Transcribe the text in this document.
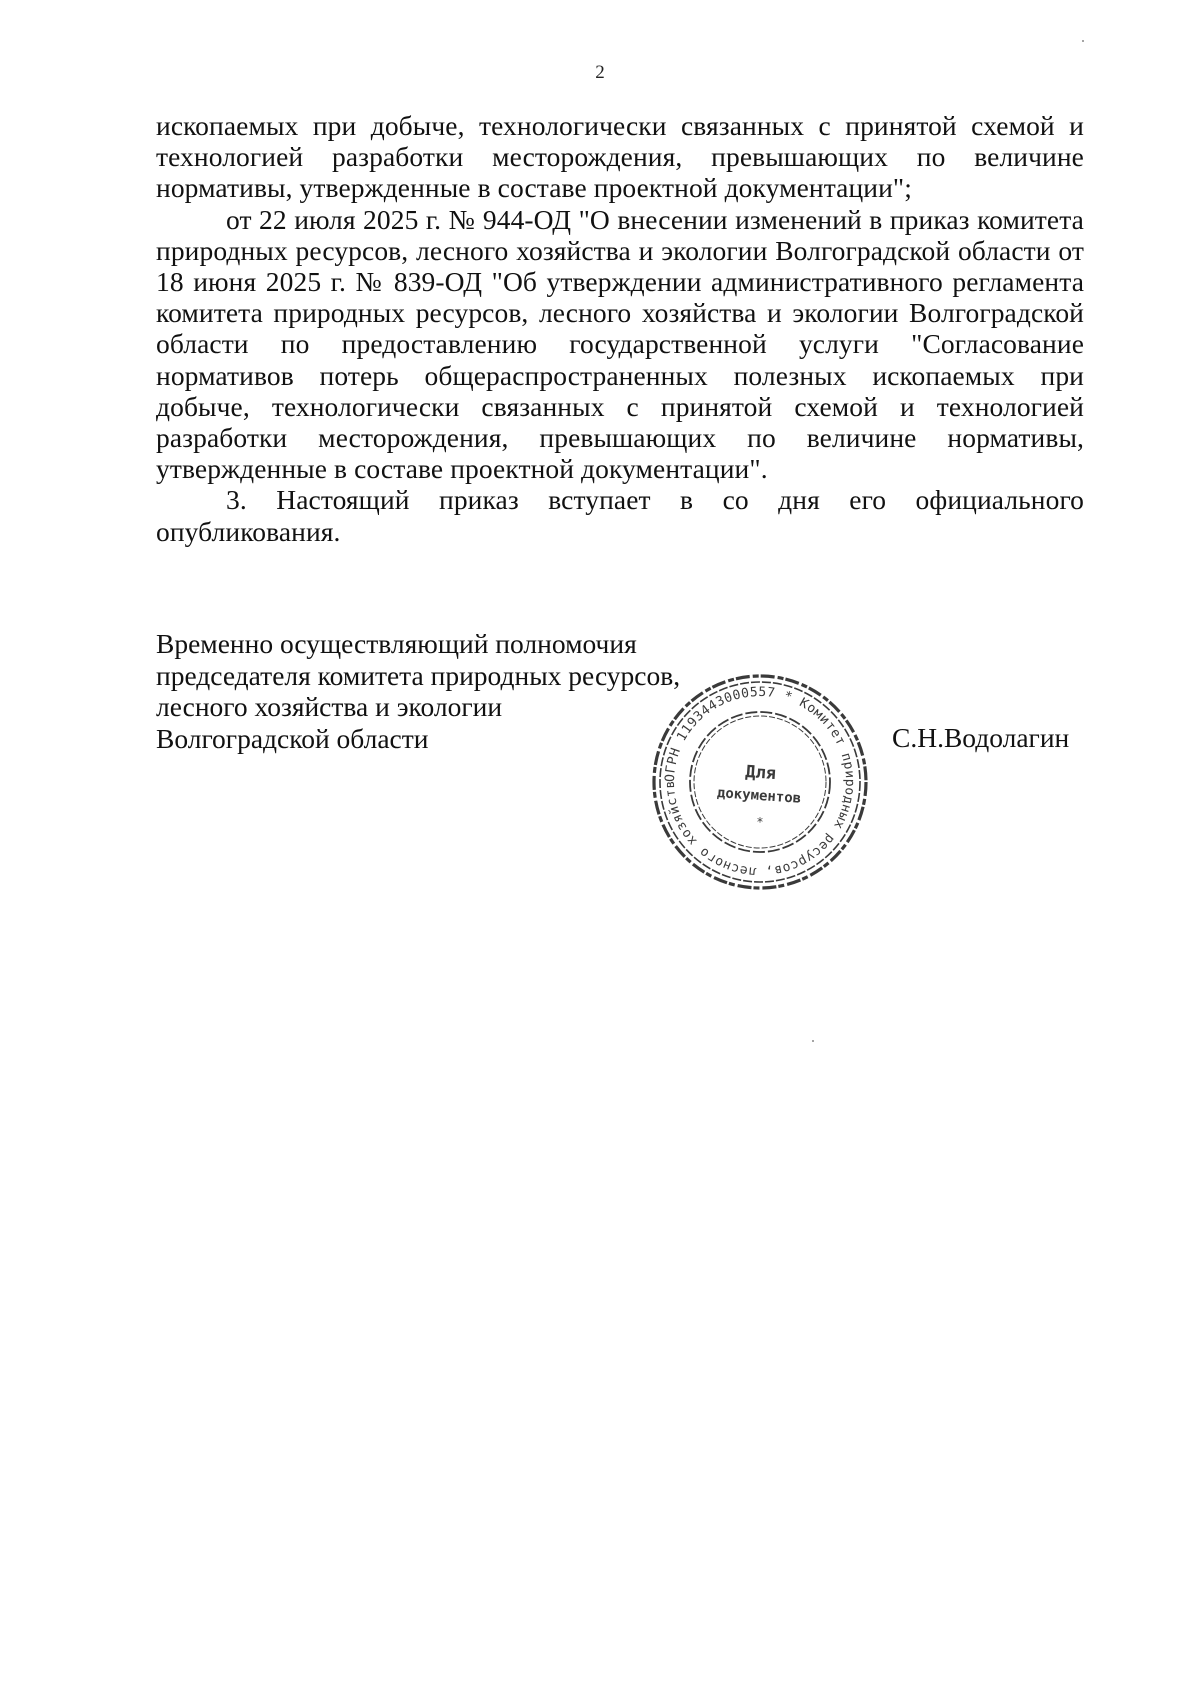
2

ископаемых при добыче, технологически связанных с принятой схемой и технологией разработки месторождения, превышающих по величине нормативы, утвержденные в составе проектной документации";

от 22 июля 2025 г. № 944-ОД "О внесении изменений в приказ комитета природных ресурсов, лесного хозяйства и экологии Волгоградской области от 18 июня 2025 г. № 839-ОД "Об утверждении административного регламента комитета природных ресурсов, лесного хозяйства и экологии Волгоградской области по предоставлению государственной услуги "Согласование нормативов потерь общераспространенных полезных ископаемых при добыче, технологически связанных с принятой схемой и технологией разработки месторождения, превышающих по величине нормативы, утвержденные в составе проектной документации".

3. Настоящий приказ вступает в со дня его официального опубликования.

Временно осуществляющий полномочия
председателя комитета природных ресурсов,
лесного хозяйства и экологии
Волгоградской области	С.Н.Водолагин
ОГРН 1193443000557 * Комитет природных ресурсов, лесного хозяйств
Для
документов
*
